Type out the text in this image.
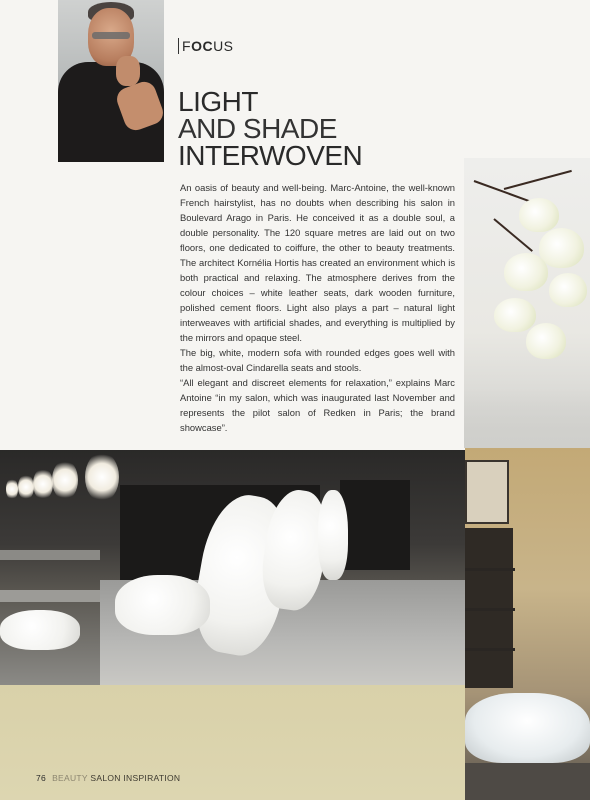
FOCUS
LIGHT
AND SHADE
INTERWOVEN

An oasis of beauty and well-being. Marc-Antoine, the well-known French hairstylist, has no doubts when describing his salon in Boulevard Arago in Paris. He conceived it as a double soul, a double personality. The 120 square metres are laid out on two floors, one dedicated to coiffure, the other to beauty treatments. The architect Kornélia Hortis has created an environment which is both practical and relaxing. The atmosphere derives from the colour choices – white leather seats, dark wooden furniture, polished cement floors. Light also plays a part – natural light interweaves with artificial shades, and everything is multiplied by the mirrors and opaque steel.

The big, white, modern sofa with rounded edges goes well with the almost-oval Cindarella seats and stools.

“All elegant and discreet elements for relaxation,” explains Marc Antoine “in my salon, which was inaugurated last November and represents the pilot salon of Redken in Paris; the brand showcase”.

76 BEAUTY SALON INSPIRATION
